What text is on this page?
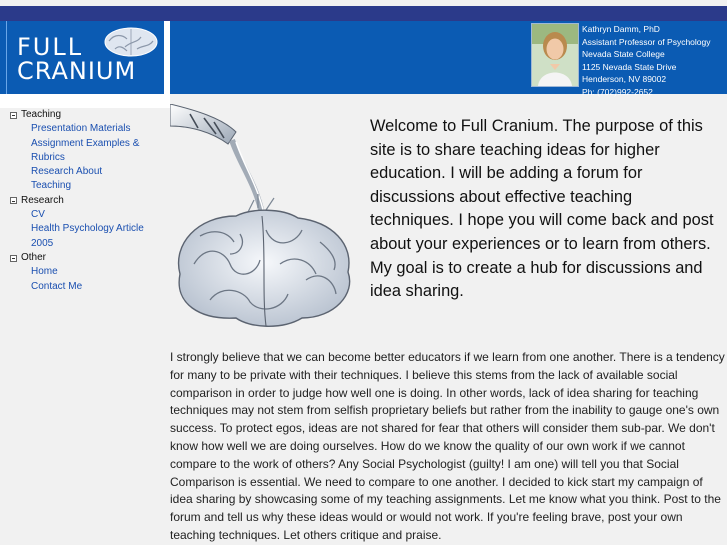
FULL
CRANIUM
Kathryn Damm, PhD
Assistant Professor of Psychology
Nevada State College
1125 Nevada State Drive
Henderson, NV 89002
Ph: (702)992-2652
Teaching
Presentation Materials
Assignment Examples &
Rubrics
Research About
Teaching
Research
CV
Health Psychology Article
2005
Other
Home
Contact Me
Welcome to Full Cranium. The purpose of this site is to share teaching ideas for higher education. I will be adding a forum for discussions about effective teaching techniques. I hope you will come back and post about your experiences or to learn from others. My goal is to create a hub for discussions and idea sharing.
I strongly believe that we can become better educators if we learn from one another. There is a tendency for many to be private with their techniques. I believe this stems from the lack of available social comparison in order to judge how well one is doing. In other words, lack of idea sharing for teaching techniques may not stem from selfish proprietary beliefs but rather from the inability to gauge one's own success. To protect egos, ideas are not shared for fear that others will consider them sub-par. We don't know how well we are doing ourselves. How do we know the quality of our own work if we cannot compare to the work of others? Any Social Psychologist (guilty! I am one) will tell you that Social Comparison is essential. We need to compare to one another. I decided to kick start my campaign of idea sharing by showcasing some of my teaching assignments. Let me know what you think. Post to the forum and tell us why these ideas would or would not work. If you're feeling brave, post your own teaching techniques. Let others critique and praise.
